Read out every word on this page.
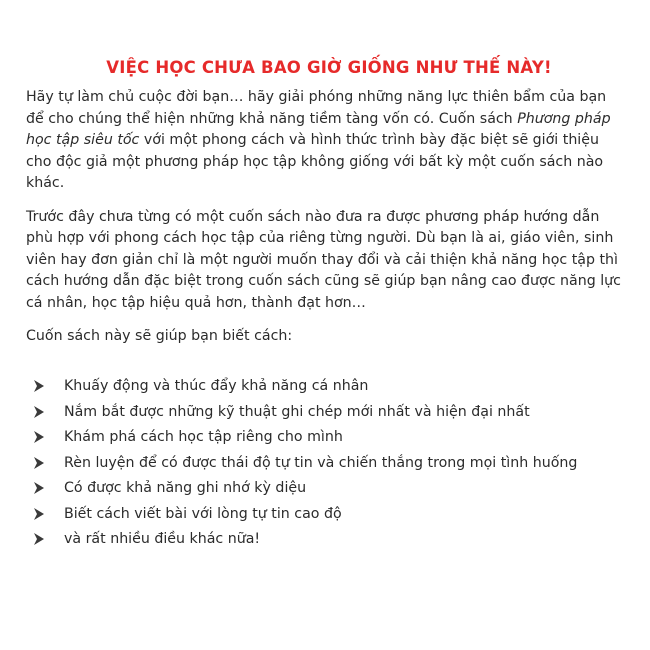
VIỆC HỌC CHƯA BAO GIỜ GIỐNG NHƯ THẾ NÀY!

Hãy tự làm chủ cuộc đời bạn… hãy giải phóng những năng lực thiên bẩm của bạn để cho chúng thể hiện những khả năng tiềm tàng vốn có. Cuốn sách Phương pháp học tập siêu tốc với một phong cách và hình thức trình bày đặc biệt sẽ giới thiệu cho độc giả một phương pháp học tập không giống với bất kỳ một cuốn sách nào khác.

Trước đây chưa từng có một cuốn sách nào đưa ra được phương pháp hướng dẫn phù hợp với phong cách học tập của riêng từng người. Dù bạn là ai, giáo viên, sinh viên hay đơn giản chỉ là một người muốn thay đổi và cải thiện khả năng học tập thì cách hướng dẫn đặc biệt trong cuốn sách cũng sẽ giúp bạn nâng cao được năng lực cá nhân, học tập hiệu quả hơn, thành đạt hơn…

Cuốn sách này sẽ giúp bạn biết cách:

Khuấy động và thúc đẩy khả năng cá nhân
Nắm bắt được những kỹ thuật ghi chép mới nhất và hiện đại nhất
Khám phá cách học tập riêng cho mình
Rèn luyện để có được thái độ tự tin và chiến thắng trong mọi tình huống
Có được khả năng ghi nhớ kỳ diệu
Biết cách viết bài với lòng tự tin cao độ
và rất nhiều điều khác nữa!
